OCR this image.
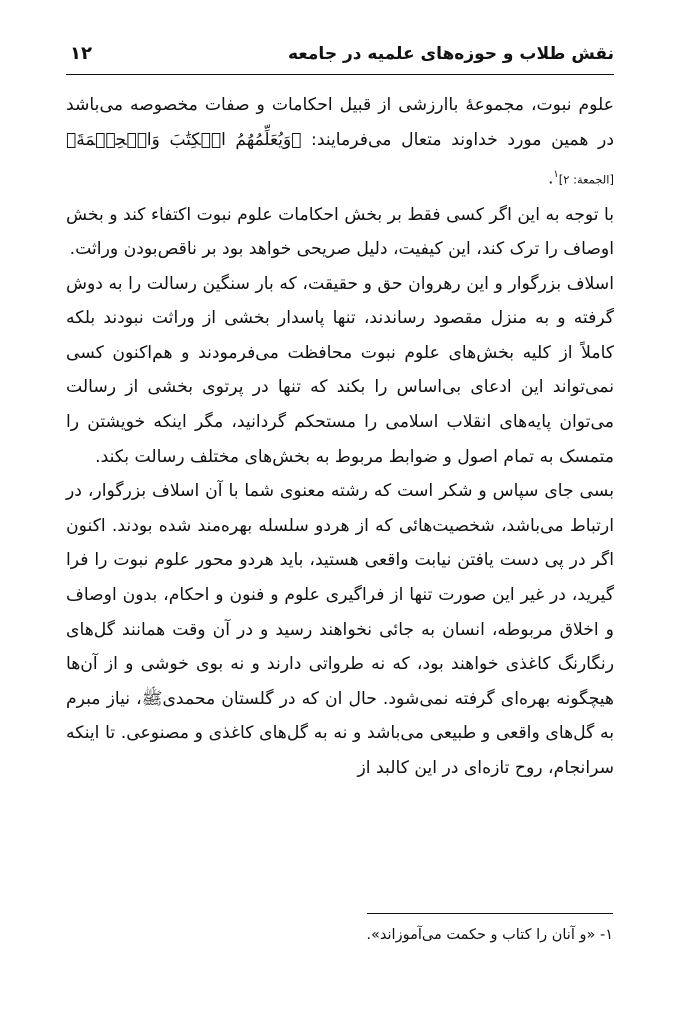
نقش طلاب و حوزه‌های علمیه در جامعه
۱۲

علوم نبوت، مجموعۀ باارزشی از قبیل احکامات و صفات مخصوصه می‌باشد در همین مورد خداوند متعال می‌فرمایند: ﴿وَيُعَلِّمُهُمُ الۡكِتَٰبَ وَالۡحِكۡمَةَ﴾ [الجمعة: ٢]$^۱$.

با توجه به این اگر کسی فقط بر بخش احکامات علوم نبوت اکتفاء کند و بخش اوصاف را ترک کند، این کیفیت، دلیل صریحی خواهد بود بر ناقص‌بودن وراثت.

اسلاف بزرگوار و این رهروان حق و حقیقت، که بار سنگین رسالت را به دوش گرفته و به منزل مقصود رساندند، تنها پاسدار بخشی از وراثت نبودند بلکه کاملاً از کلیه بخش‌های علوم نبوت محافظت می‌فرمودند و هم‌اکنون کسی نمی‌تواند این ادعای بی‌اساس را بکند که تنها در پرتوی بخشی از رسالت می‌توان پایه‌های انقلاب اسلامی را مستحکم گردانید، مگر اینکه خویشتن را متمسک به تمام اصول و ضوابط مربوط به بخش‌های مختلف رسالت بکند.

بسی جای سپاس و شکر است که رشته معنوی شما با آن اسلاف بزرگوار، در ارتباط می‌باشد، شخصیت‌هائی که از هردو سلسله بهره‌مند شده بودند. اکنون اگر در پی دست یافتن نیابت واقعی هستید، باید هردو محور علوم نبوت را فرا گیرید، در غیر این صورت تنها از فراگیری علوم و فنون و احکام، بدون اوصاف و اخلاق مربوطه، انسان به جائی نخواهند رسید و در آن وقت همانند گل‌های رنگارنگ کاغذی خواهند بود، که نه طرواتی دارند و نه بوی خوشی و از آن‌ها هیچگونه بهره‌ای گرفته نمی‌شود. حال ان که در گلستان محمدیﷺ، نیاز مبرم به گل‌های واقعی و طبیعی می‌باشد و نه به گل‌های کاغذی و مصنوعی. تا اینکه سرانجام، روح تازه‌ای در این کالبد از

۱- «و آنان را کتاب و حکمت می‌آموزاند».
